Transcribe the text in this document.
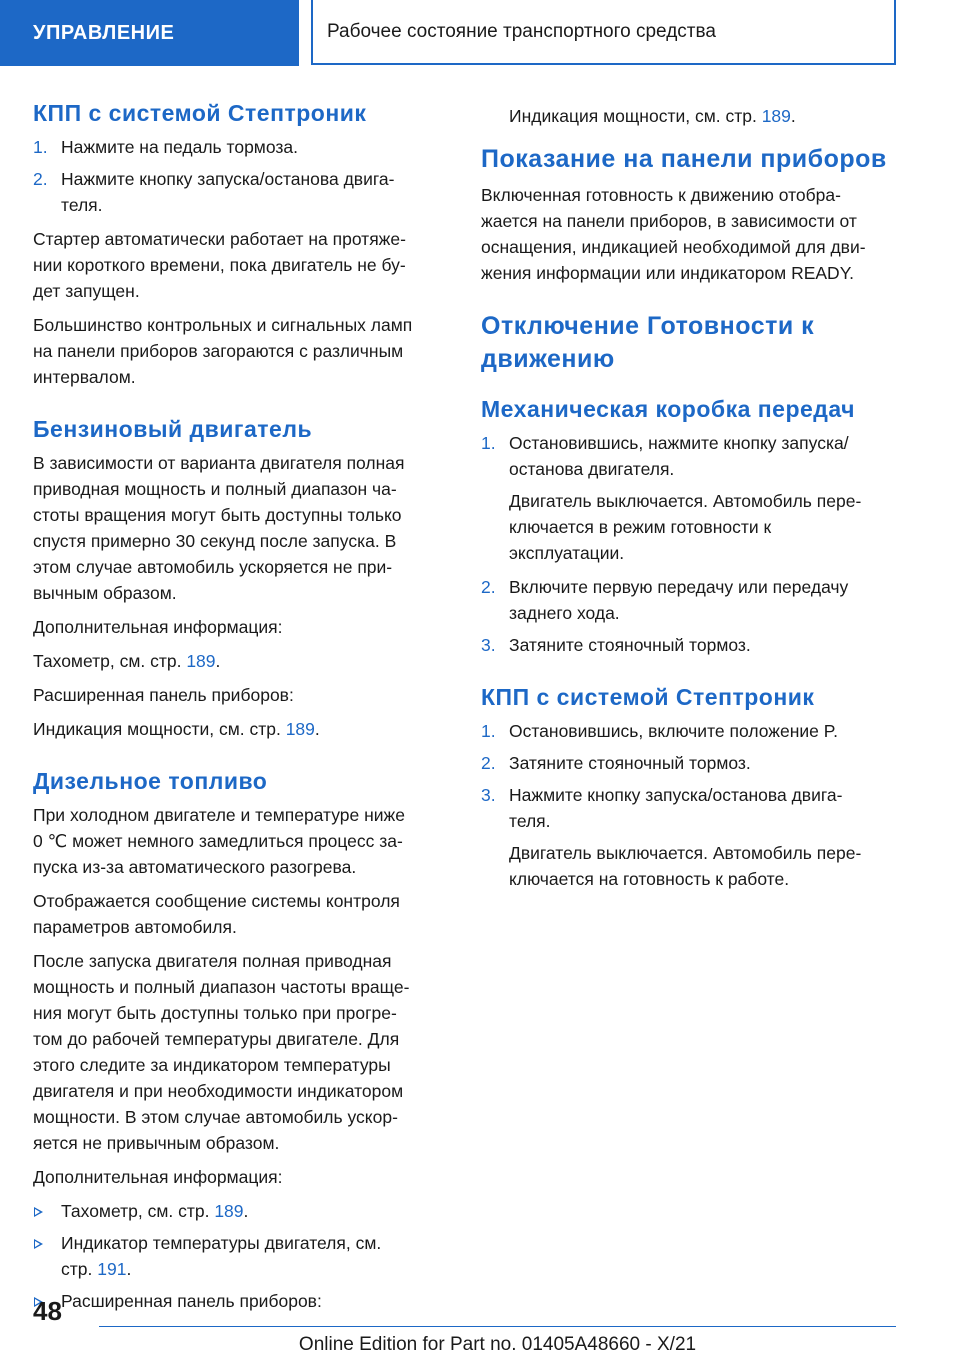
УПРАВЛЕНИЕ	Рабочее состояние транспортного средства
КПП с системой Стептроник
1. Нажмите на педаль тормоза.
2. Нажмите кнопку запуска/останова двига-
теля.
Стартер автоматически работает на протяже-
нии короткого времени, пока двигатель не бу-
дет запущен.
Большинство контрольных и сигнальных ламп
на панели приборов загораются с различным
интервалом.
Бензиновый двигатель
В зависимости от варианта двигателя полная
приводная мощность и полный диапазон ча-
стоты вращения могут быть доступны только
спустя примерно 30 секунд после запуска. В
этом случае автомобиль ускоряется не при-
вычным образом.
Дополнительная информация:
Тахометр, см. стр. 189.
Расширенная панель приборов:
Индикация мощности, см. стр. 189.
Дизельное топливо
При холодном двигателе и температуре ниже
0 ℃ может немного замедлиться процесс за-
пуска из-за автоматического разогрева.
Отображается сообщение системы контроля
параметров автомобиля.
После запуска двигателя полная приводная
мощность и полный диапазон частоты враще-
ния могут быть доступны только при прогре-
том до рабочей температуры двигателе. Для
этого следите за индикатором температуры
двигателя и при необходимости индикатором
мощности. В этом случае автомобиль ускор-
яется не привычным образом.
Дополнительная информация:
Тахометр, см. стр. 189.
Индикатор температуры двигателя, см.
стр. 191.
Расширенная панель приборов:
Индикация мощности, см. стр. 189.
Показание на панели приборов
Включенная готовность к движению отобра-
жается на панели приборов, в зависимости от
оснащения, индикацией необходимой для дви-
жения информации или индикатором READY.
Отключение Готовности к
движению
Механическая коробка передач
1. Остановившись, нажмите кнопку запуска/
останова двигателя.
Двигатель выключается. Автомобиль пере-
ключается в режим готовности к
эксплуатации.
2. Включите первую передачу или передачу
заднего хода.
3. Затяните стояночный тормоз.
КПП с системой Стептроник
1. Остановившись, включите положение P.
2. Затяните стояночный тормоз.
3. Нажмите кнопку запуска/останова двига-
теля.
Двигатель выключается. Автомобиль пере-
ключается на готовность к работе.
48
Online Edition for Part no. 01405A48660 - X/21
